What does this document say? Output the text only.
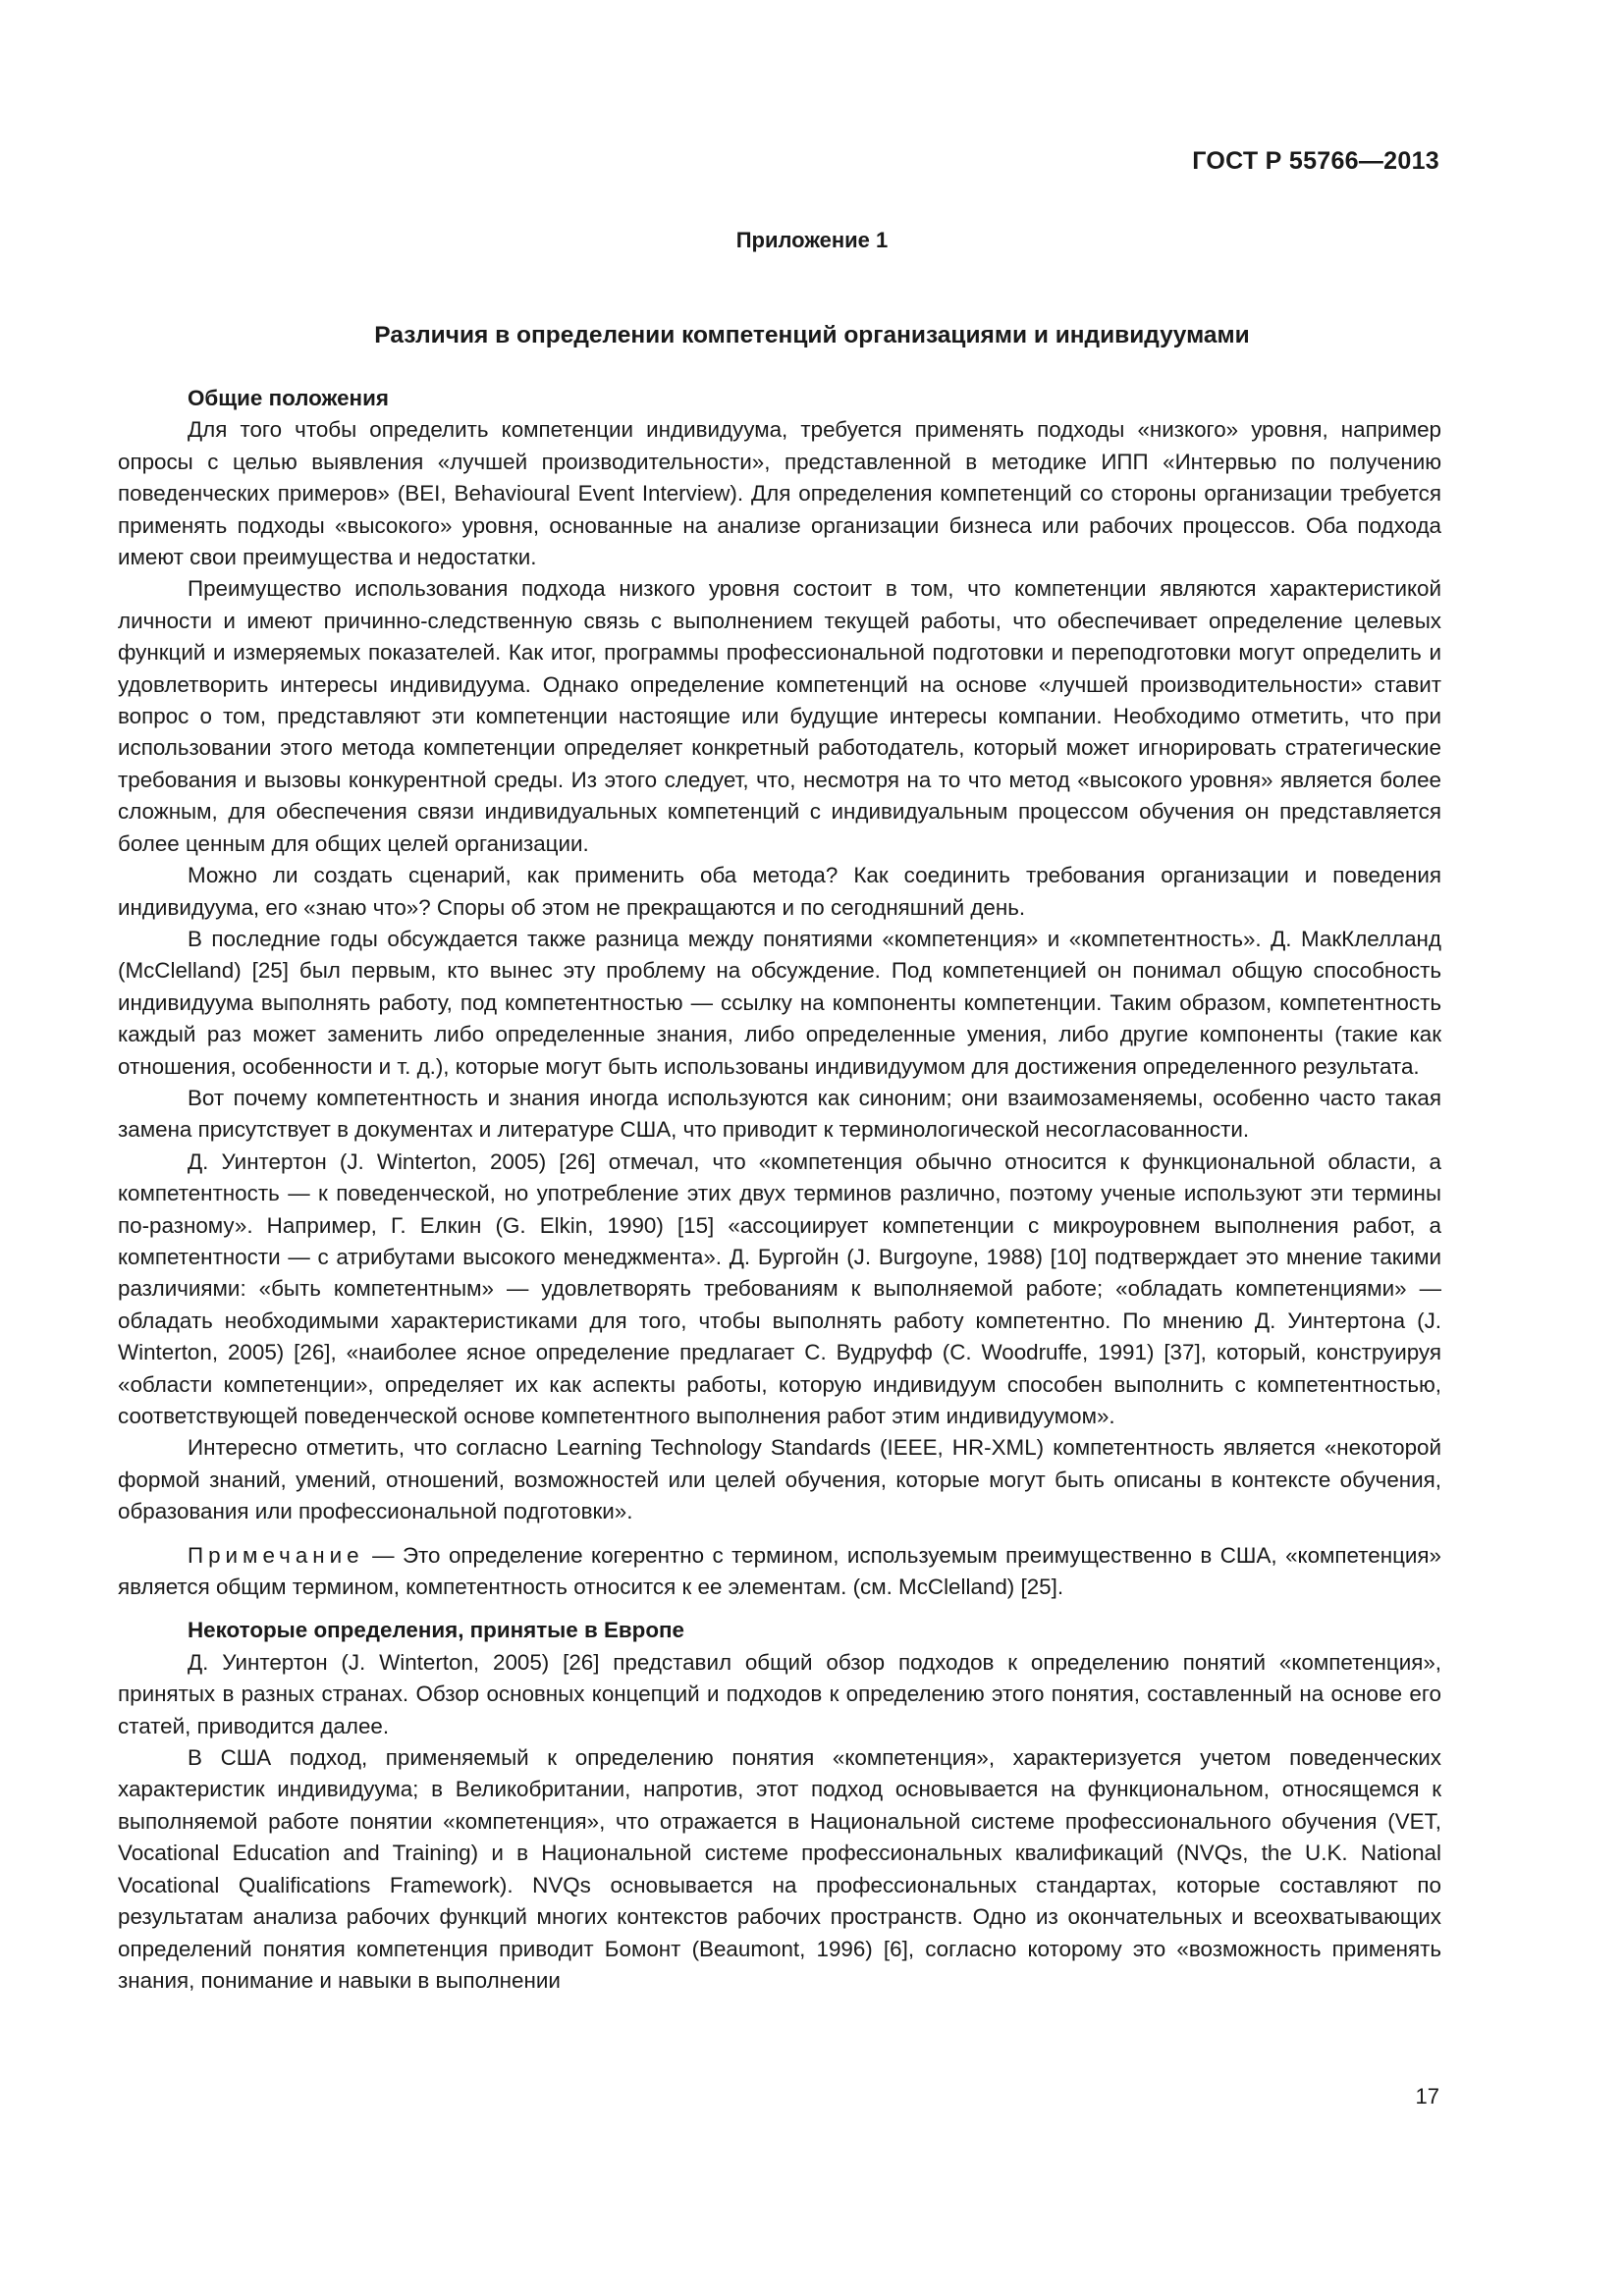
ГОСТ Р 55766—2013
Приложение 1
Различия в определении компетенций организациями и индивидуумами
Общие положения

Для того чтобы определить компетенции индивидуума, требуется применять подходы «низкого» уровня, например опросы с целью выявления «лучшей производительности», представленной в методике ИПП «Интервью по получению поведенческих примеров» (BEI, Behavioural Event Interview). Для определения компетенций со стороны организации требуется применять подходы «высокого» уровня, основанные на анализе организации бизнеса или рабочих процессов. Оба подхода имеют свои преимущества и недостатки.

Преимущество использования подхода низкого уровня состоит в том, что компетенции являются характеристикой личности и имеют причинно-следственную связь с выполнением текущей работы, что обеспечивает определение целевых функций и измеряемых показателей. Как итог, программы профессиональной подготовки и переподготовки могут определить и удовлетворить интересы индивидуума. Однако определение компетенций на основе «лучшей производительности» ставит вопрос о том, представляют эти компетенции настоящие или будущие интересы компании. Необходимо отметить, что при использовании этого метода компетенции определяет конкретный работодатель, который может игнорировать стратегические требования и вызовы конкурентной среды. Из этого следует, что, несмотря на то что метод «высокого уровня» является более сложным, для обеспечения связи индивидуальных компетенций с индивидуальным процессом обучения он представляется более ценным для общих целей организации.

Можно ли создать сценарий, как применить оба метода? Как соединить требования организации и поведения индивидуума, его «знаю что»? Споры об этом не прекращаются и по сегодняшний день.

В последние годы обсуждается также разница между понятиями «компетенция» и «компетентность». Д. МакКлелланд (McClelland) [25] был первым, кто вынес эту проблему на обсуждение. Под компетенцией он понимал общую способность индивидуума выполнять работу, под компетентностью — ссылку на компоненты компетенции. Таким образом, компетентность каждый раз может заменить либо определенные знания, либо определенные умения, либо другие компоненты (такие как отношения, особенности и т. д.), которые могут быть использованы индивидуумом для достижения определенного результата.

Вот почему компетентность и знания иногда используются как синоним; они взаимозаменяемы, особенно часто такая замена присутствует в документах и литературе США, что приводит к терминологической несогласованности.

Д. Уинтертон (J. Winterton, 2005) [26] отмечал, что «компетенция обычно относится к функциональной области, а компетентность — к поведенческой, но употребление этих двух терминов различно, поэтому ученые используют эти термины по-разному». Например, Г. Елкин (G. Elkin, 1990) [15] «ассоциирует компетенции с микроуровнем выполнения работ, а компетентности — с атрибутами высокого менеджмента». Д. Бургойн (J. Burgoyne, 1988) [10] подтверждает это мнение такими различиями: «быть компетентным» — удовлетворять требованиям к выполняемой работе; «обладать компетенциями» — обладать необходимыми характеристиками для того, чтобы выполнять работу компетентно. По мнению Д. Уинтертона (J. Winterton, 2005) [26], «наиболее ясное определение предлагает С. Вудруфф (C. Woodruffe, 1991) [37], который, конструируя «области компетенции», определяет их как аспекты работы, которую индивидуум способен выполнить с компетентностью, соответствующей поведенческой основе компетентного выполнения работ этим индивидуумом».

Интересно отметить, что согласно Learning Technology Standards (IEEE, HR-XML) компетентность является «некоторой формой знаний, умений, отношений, возможностей или целей обучения, которые могут быть описаны в контексте обучения, образования или профессиональной подготовки».

Примечание — Это определение когерентно с термином, используемым преимущественно в США, «компетенция» является общим термином, компетентность относится к ее элементам. (см. McClelland) [25].

Некоторые определения, принятые в Европе

Д. Уинтертон (J. Winterton, 2005) [26] представил общий обзор подходов к определению понятий «компетенция», принятых в разных странах. Обзор основных концепций и подходов к определению этого понятия, составленный на основе его статей, приводится далее.

В США подход, применяемый к определению понятия «компетенция», характеризуется учетом поведенческих характеристик индивидуума; в Великобритании, напротив, этот подход основывается на функциональном, относящемся к выполняемой работе понятии «компетенция», что отражается в Национальной системе профессионального обучения (VET, Vocational Education and Training) и в Национальной системе профессиональных квалификаций (NVQs, the U.K. National Vocational Qualifications Framework). NVQs основывается на профессиональных стандартах, которые составляют по результатам анализа рабочих функций многих контекстов рабочих пространств. Одно из окончательных и всеохватывающих определений понятия компетенция приводит Бомонт (Beaumont, 1996) [6], согласно которому это «возможность применять знания, понимание и навыки в выполнении

17
